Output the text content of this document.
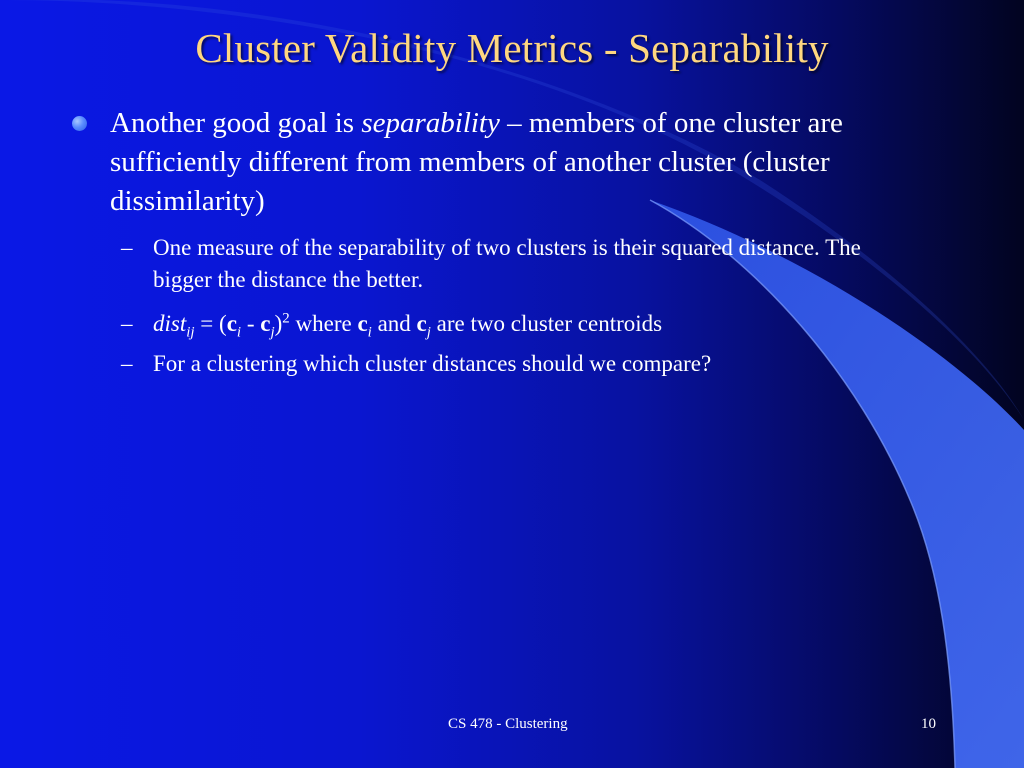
Cluster Validity Metrics - Separability
Another good goal is separability – members of one cluster are sufficiently different from members of another cluster (cluster dissimilarity)
– One measure of the separability of two clusters is their squared distance. The bigger the distance the better.
– dist$_{ij}$ = $(c_i - c_j)^2$ where $c_i$ and $c_j$ are two cluster centroids
– For a clustering which cluster distances should we compare?
CS 478 - Clustering	10
